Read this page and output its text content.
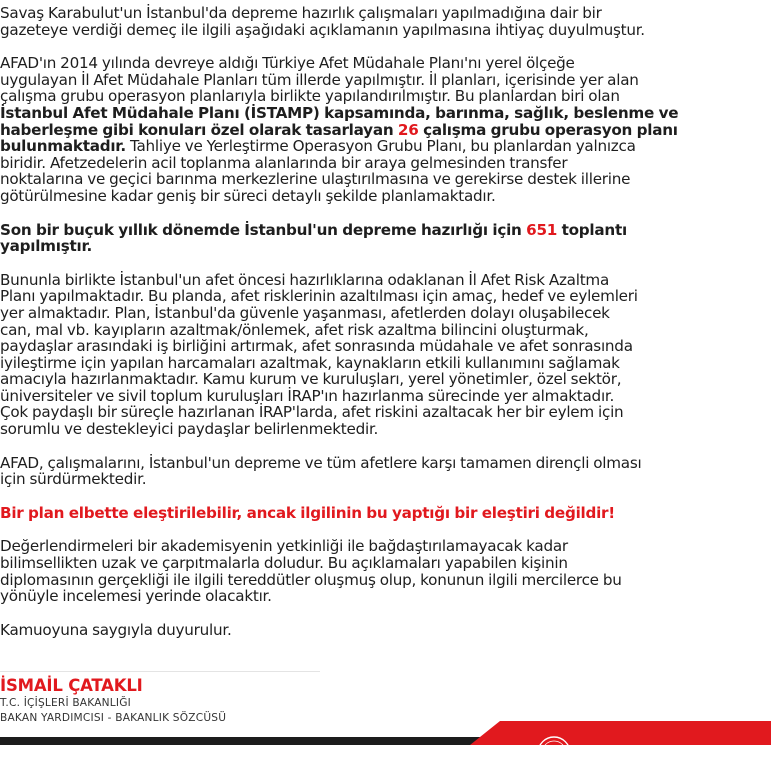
Savaş Karabulut'un İstanbul'da depreme hazırlık çalışmaları yapılmadığına dair bir
gazeteye verdiği demeç ile ilgili aşağıdaki açıklamanın yapılmasına ihtiyaç duyulmuştur.

AFAD'ın 2014 yılında devreye aldığı Türkiye Afet Müdahale Planı'nı yerel ölçeğe
uygulayan İl Afet Müdahale Planları tüm illerde yapılmıştır. İl planları, içerisinde yer alan
çalışma grubu operasyon planlarıyla birlikte yapılandırılmıştır. Bu planlardan biri olan
İstanbul Afet Müdahale Planı (İSTAMP) kapsamında, barınma, sağlık, beslenme ve
haberleşme gibi konuları özel olarak tasarlayan 26 çalışma grubu operasyon planı
bulunmaktadır. Tahliye ve Yerleştirme Operasyon Grubu Planı, bu planlardan yalnızca
biridir. Afetzedelerin acil toplanma alanlarında bir araya gelmesinden transfer
noktalarına ve geçici barınma merkezlerine ulaştırılmasına ve gerekirse destek illerine
götürülmesine kadar geniş bir süreci detaylı şekilde planlamaktadır.

Son bir buçuk yıllık dönemde İstanbul'un depreme hazırlığı için 651 toplantı
yapılmıştır.

Bununla birlikte İstanbul'un afet öncesi hazırlıklarına odaklanan İl Afet Risk Azaltma
Planı yapılmaktadır. Bu planda, afet risklerinin azaltılması için amaç, hedef ve eylemleri
yer almaktadır. Plan, İstanbul'da güvenle yaşanması, afetlerden dolayı oluşabilecek
can, mal vb. kayıpların azaltmak/önlemek, afet risk azaltma bilincini oluşturmak,
paydaşlar arasındaki iş birliğini artırmak, afet sonrasında müdahale ve afet sonrasında
iyileştirme için yapılan harcamaları azaltmak, kaynakların etkili kullanımını sağlamak
amacıyla hazırlanmaktadır. Kamu kurum ve kuruluşları, yerel yönetimler, özel sektör,
üniversiteler ve sivil toplum kuruluşları İRAP'ın hazırlanma sürecinde yer almaktadır.
Çok paydaşlı bir süreçle hazırlanan İRAP'larda, afet riskini azaltacak her bir eylem için
sorumlu ve destekleyici paydaşlar belirlenmektedir.

AFAD, çalışmalarını, İstanbul'un depreme ve tüm afetlere karşı tamamen dirençli olması
için sürdürmektedir.

Bir plan elbette eleştirilebilir, ancak ilgilinin bu yaptığı bir eleştiri değildir!

Değerlendirmeleri bir akademisyenin yetkinliği ile bağdaştırılamayacak kadar
bilimsellikten uzak ve çarpıtmalarla doludur. Bu açıklamaları yapabilen kişinin
diplomasının gerçekliği ile ilgili tereddütler oluşmuş olup, konunun ilgili mercilerce bu
yönüyle incelemesi yerinde olacaktır.

Kamuoyuna saygıyla duyurulur.

İSMAİL ÇATAKLI
T.C. İÇİŞLERİ BAKANLIĞI
BAKAN YARDIMCISI - BAKANLIK SÖZCÜSÜ
